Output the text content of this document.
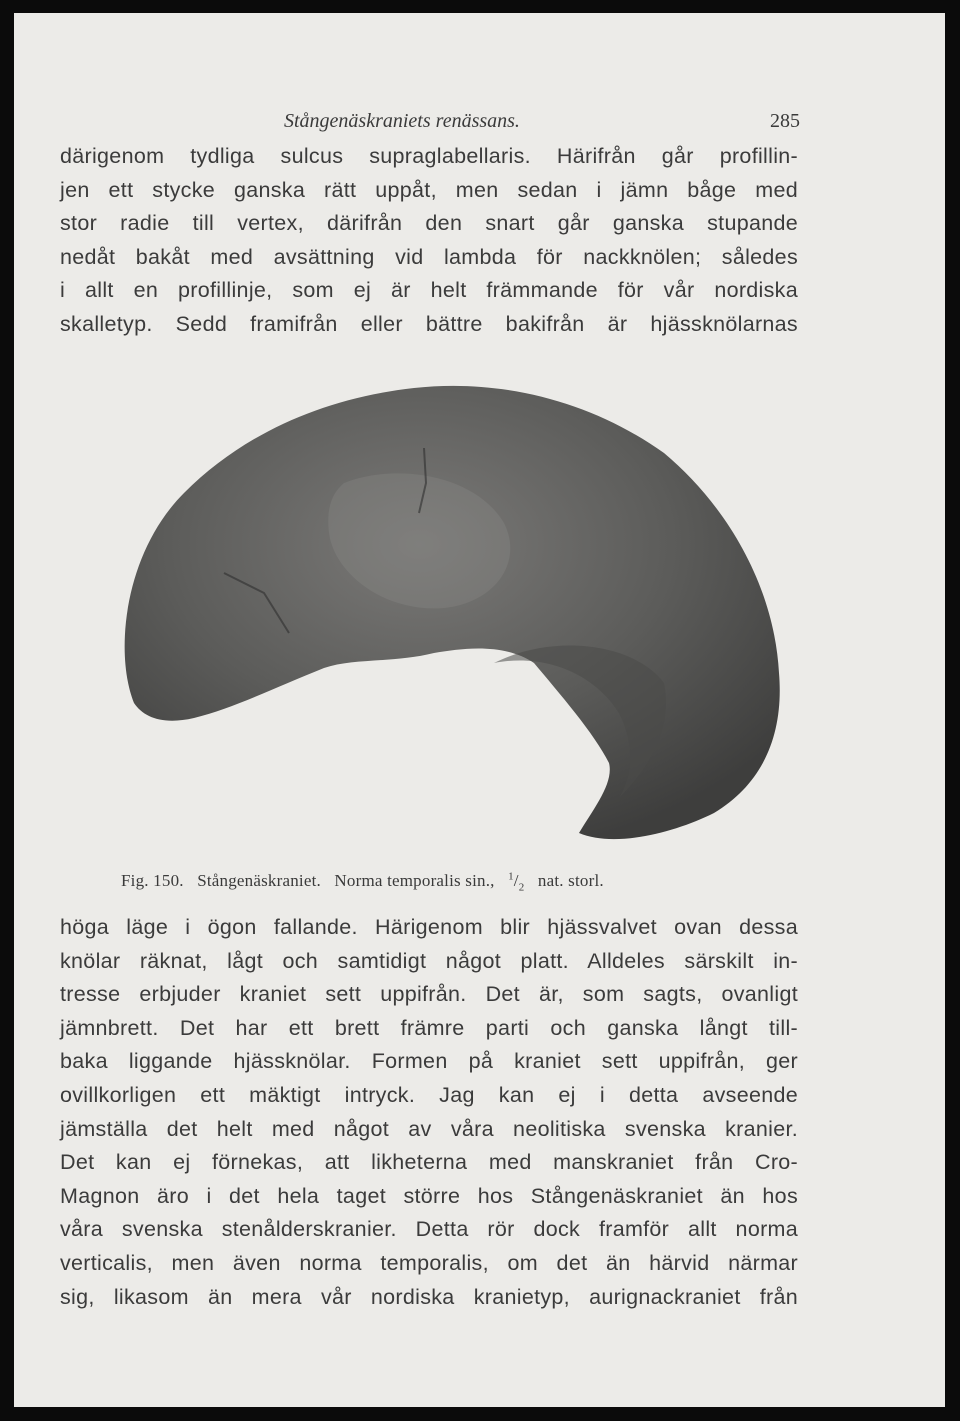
Stångenäskraniets renässans.	285
därigenom tydliga sulcus supraglabellaris. Härifrån går profillin-
jen ett stycke ganska rätt uppåt, men sedan i jämn båge med
stor radie till vertex, därifrån den snart går ganska stupande
nedåt bakåt med avsättning vid lambda för nackknölen; således
i allt en profillinje, som ej är helt främmande för vår nordiska
skalletyp. Sedd framifrån eller bättre bakifrån är hjässknölarnas
Fig. 150. Stångenäskraniet. Norma temporalis sin., $^1/_2$ nat. storl.
höga läge i ögon fallande. Härigenom blir hjässvalvet ovan dessa
knölar räknat, lågt och samtidigt något platt. Alldeles särskilt in-
tresse erbjuder kraniet sett uppifrån. Det är, som sagts, ovanligt
jämnbrett. Det har ett brett främre parti och ganska långt till-
baka liggande hjässknölar. Formen på kraniet sett uppifrån, ger
ovillkorligen ett mäktigt intryck. Jag kan ej i detta avseende
jämställa det helt med något av våra neolitiska svenska kranier.
Det kan ej förnekas, att likheterna med manskraniet från Cro-
Magnon äro i det hela taget större hos Stångenäskraniet än hos
våra svenska stenålderskranier. Detta rör dock framför allt norma
verticalis, men även norma temporalis, om det än härvid närmar
sig, likasom än mera vår nordiska kranietyp, aurignackraniet från
